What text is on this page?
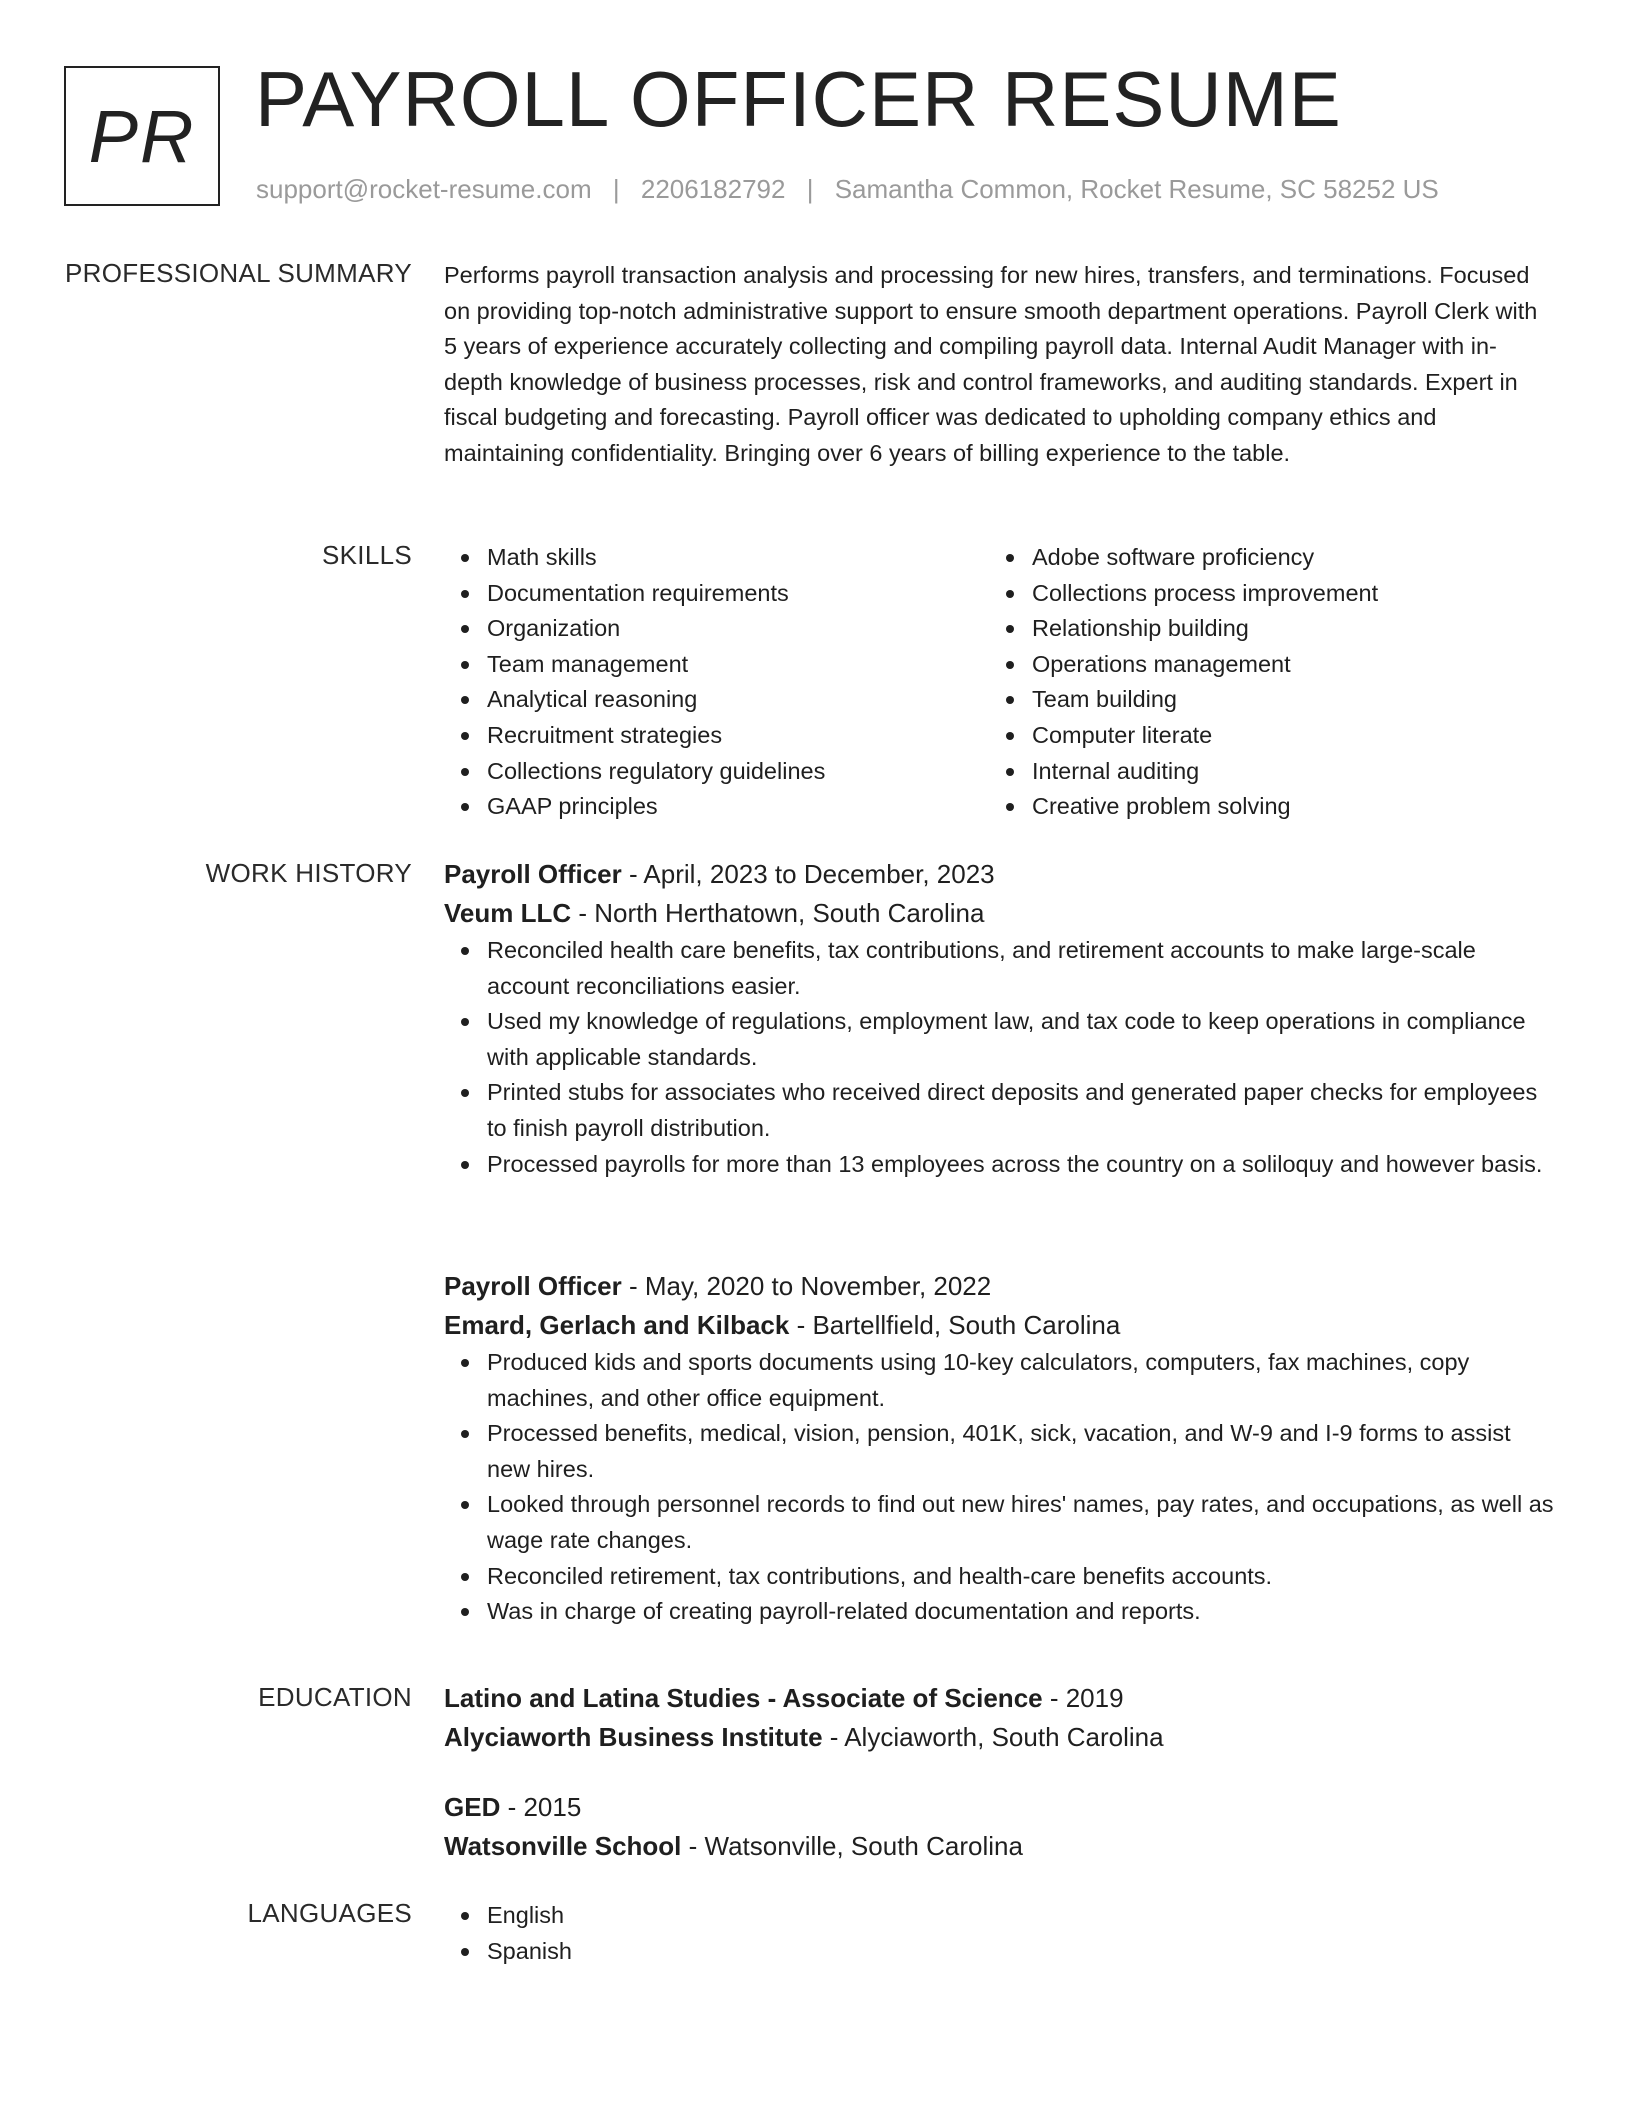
PR PAYROLL OFFICER RESUME
support@rocket-resume.com | 2206182792 | Samantha Common, Rocket Resume, SC 58252 US
PROFESSIONAL SUMMARY Performs payroll transaction analysis and processing for new hires, transfers, and terminations. Focused on providing top-notch administrative support to ensure smooth department operations. Payroll Clerk with 5 years of experience accurately collecting and compiling payroll data. Internal Audit Manager with in-depth knowledge of business processes, risk and control frameworks, and auditing standards. Expert in fiscal budgeting and forecasting. Payroll officer was dedicated to upholding company ethics and maintaining confidentiality. Bringing over 6 years of billing experience to the table.
SKILLS	Math skills
Documentation requirements
Organization
Team management
Analytical reasoning
Recruitment strategies
Collections regulatory guidelines
GAAP principles
Adobe software proficiency
Collections process improvement
Relationship building
Operations management
Team building
Computer literate
Internal auditing
Creative problem solving
WORK HISTORY Payroll Officer - April, 2023 to December, 2023
Veum LLC - North Herthatown, South Carolina
Reconciled health care benefits, tax contributions, and retirement accounts to make large-scale account reconciliations easier.
Used my knowledge of regulations, employment law, and tax code to keep operations in compliance with applicable standards.
Printed stubs for associates who received direct deposits and generated paper checks for employees to finish payroll distribution.
Processed payrolls for more than 13 employees across the country on a soliloquy and however basis.
Payroll Officer - May, 2020 to November, 2022
Emard, Gerlach and Kilback - Bartellfield, South Carolina
Produced kids and sports documents using 10-key calculators, computers, fax machines, copy machines, and other office equipment.
Processed benefits, medical, vision, pension, 401K, sick, vacation, and W-9 and I-9 forms to assist new hires.
Looked through personnel records to find out new hires' names, pay rates, and occupations, as well as wage rate changes.
Reconciled retirement, tax contributions, and health-care benefits accounts.
Was in charge of creating payroll-related documentation and reports.
EDUCATION Latino and Latina Studies - Associate of Science - 2019
Alyciaworth Business Institute - Alyciaworth, South Carolina
GED - 2015
Watsonville School - Watsonville, South Carolina
LANGUAGES	English
Spanish
